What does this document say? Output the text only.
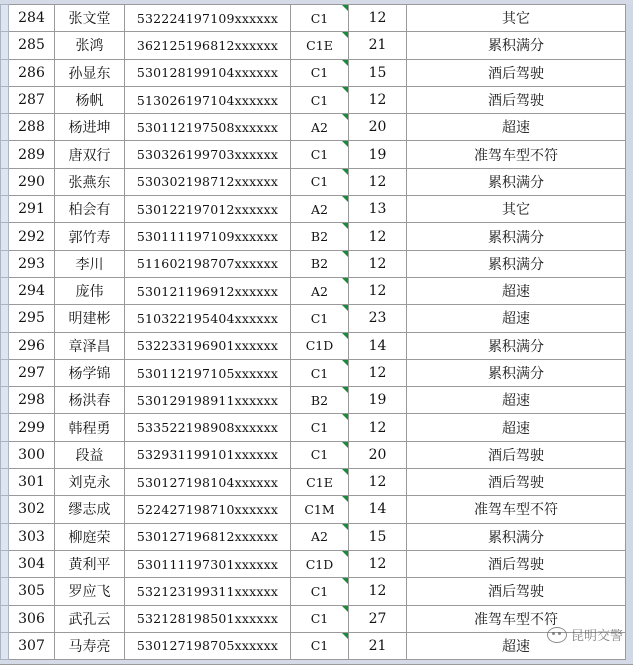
	284	张文堂	532224197109xxxxxx	C1	12	其它	
	285	张鸿	362125196812xxxxxx	C1E	21	累积满分	
	286	孙显东	530128199104xxxxxx	C1	15	酒后驾驶	
	287	杨帆	513026197104xxxxxx	C1	12	酒后驾驶	
	288	杨进坤	530112197508xxxxxx	A2	20	超速	
	289	唐双行	530326199703xxxxxx	C1	19	准驾车型不符	
	290	张燕东	530302198712xxxxxx	C1	12	累积满分	
	291	柏会有	530122197012xxxxxx	A2	13	其它	
	292	郭竹寿	530111197109xxxxxx	B2	12	累积满分	
	293	李川	511602198707xxxxxx	B2	12	累积满分	
	294	庞伟	530121196912xxxxxx	A2	12	超速	
	295	明建彬	510322195404xxxxxx	C1	23	超速	
	296	章泽昌	532233196901xxxxxx	C1D	14	累积满分	
	297	杨学锦	530112197105xxxxxx	C1	12	累积满分	
	298	杨洪春	530129198911xxxxxx	B2	19	超速	
	299	韩程勇	533522198908xxxxxx	C1	12	超速	
	300	段益	532931199101xxxxxx	C1	20	酒后驾驶	
	301	刘克永	530127198104xxxxxx	C1E	12	酒后驾驶	
	302	缪志成	522427198710xxxxxx	C1M	14	准驾车型不符	
	303	柳庭荣	530127196812xxxxxx	A2	15	累积满分	
	304	黄利平	530111197301xxxxxx	C1D	12	酒后驾驶	
	305	罗应飞	532123199311xxxxxx	C1	12	酒后驾驶	
	306	武孔云	532128198501xxxxxx	C1	27	准驾车型不符	
	307	马寿亮	530127198705xxxxxx	C1	21	超速	
昆明交警
